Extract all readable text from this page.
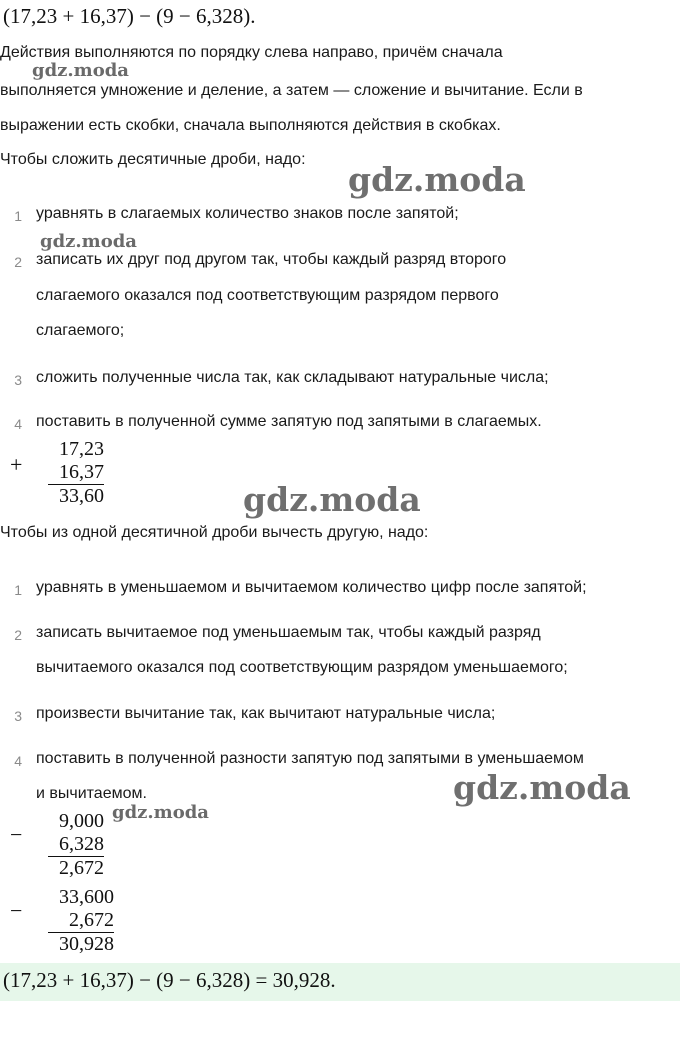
(17,23 + 16,37) − (9 − 6,328).
Действия выполняются по порядку слева направо, причём сначала
выполняется умножение и деление, а затем — сложение и вычитание. Если в
выражении есть скобки, сначала выполняются действия в скобках.
Чтобы сложить десятичные дроби, надо:
1 уравнять в слагаемых количество знаков после запятой;
2 записать их друг под другом так, чтобы каждый разряд второго
слагаемого оказался под соответствующим разрядом первого
слагаемого;
3 сложить полученные числа так, как складывают натуральные числа;
4 поставить в полученной сумме запятую под запятыми в слагаемых.
+
17,23
16,37
33,60
Чтобы из одной десятичной дроби вычесть другую, надо:
1 уравнять в уменьшаемом и вычитаемом количество цифр после запятой;
2 записать вычитаемое под уменьшаемым так, чтобы каждый разряд
вычитаемого оказался под соответствующим разрядом уменьшаемого;
3 произвести вычитание так, как вычитают натуральные числа;
4 поставить в полученной разности запятую под запятыми в уменьшаемом
и вычитаемом.
−
9,000
6,328
2,672
−
33,600
2,672
30,928
(17,23 + 16,37) − (9 − 6,328) = 30,928.
gdz.moda
gdz.moda
gdz.moda
gdz.moda
gdz.moda
gdz.moda
